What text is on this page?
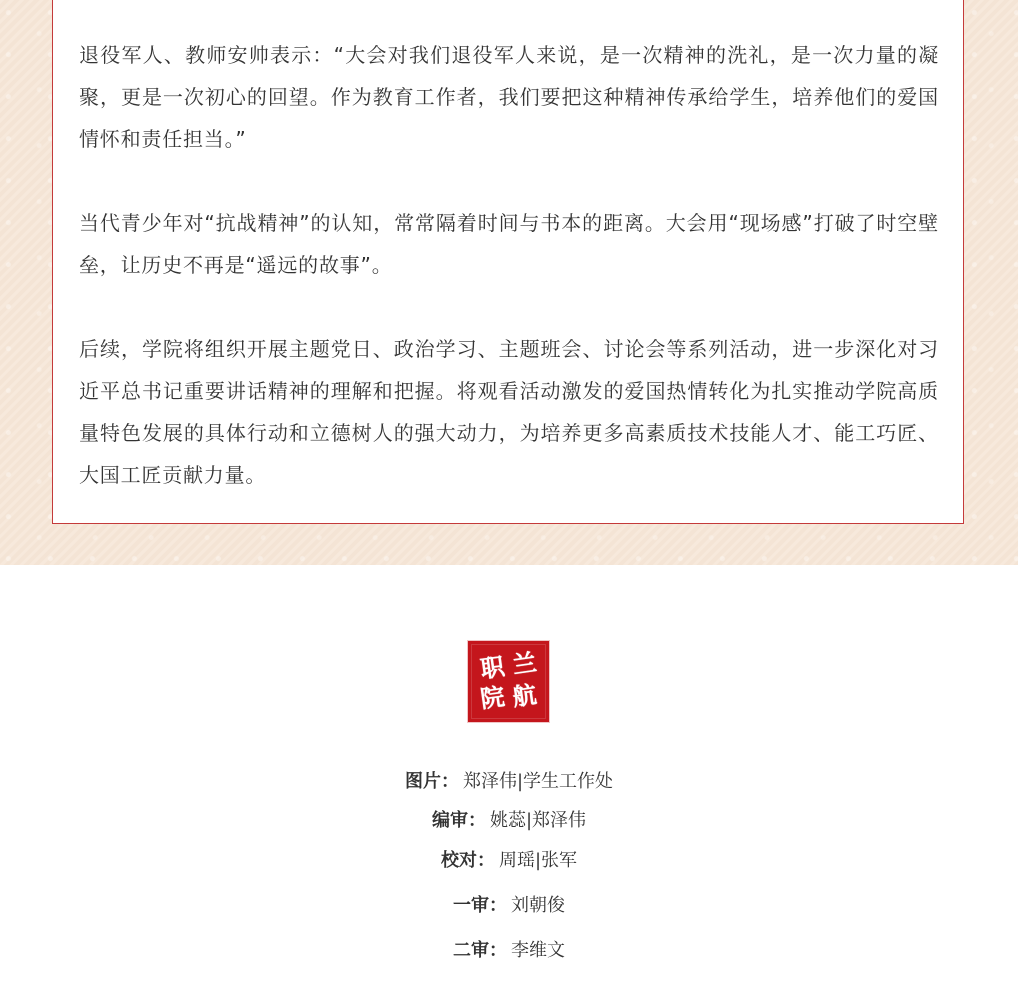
退役军人、教师安帅表示：“大会对我们退役军人来说，是一次精神的洗礼，是一次力量的凝聚，更是一次初心的回望。作为教育工作者，我们要把这种精神传承给学生，培养他们的爱国情怀和责任担当。”

当代青少年对“抗战精神”的认知，常常隔着时间与书本的距离。大会用“现场感”打破了时空壁垒，让历史不再是“遥远的故事”。

后续，学院将组织开展主题党日、政治学习、主题班会、讨论会等系列活动，进一步深化对习近平总书记重要讲话精神的理解和把握。将观看活动激发的爱国热情转化为扎实推动学院高质量特色发展的具体行动和立德树人的强大动力，为培养更多高素质技术技能人才、能工巧匠、大国工匠贡献力量。

兰
航
职
院
图片： 郑泽伟|学生工作处
编审： 姚蕊|郑泽伟
校对： 周瑶|张军
一审： 刘朝俊
二审： 李维文
